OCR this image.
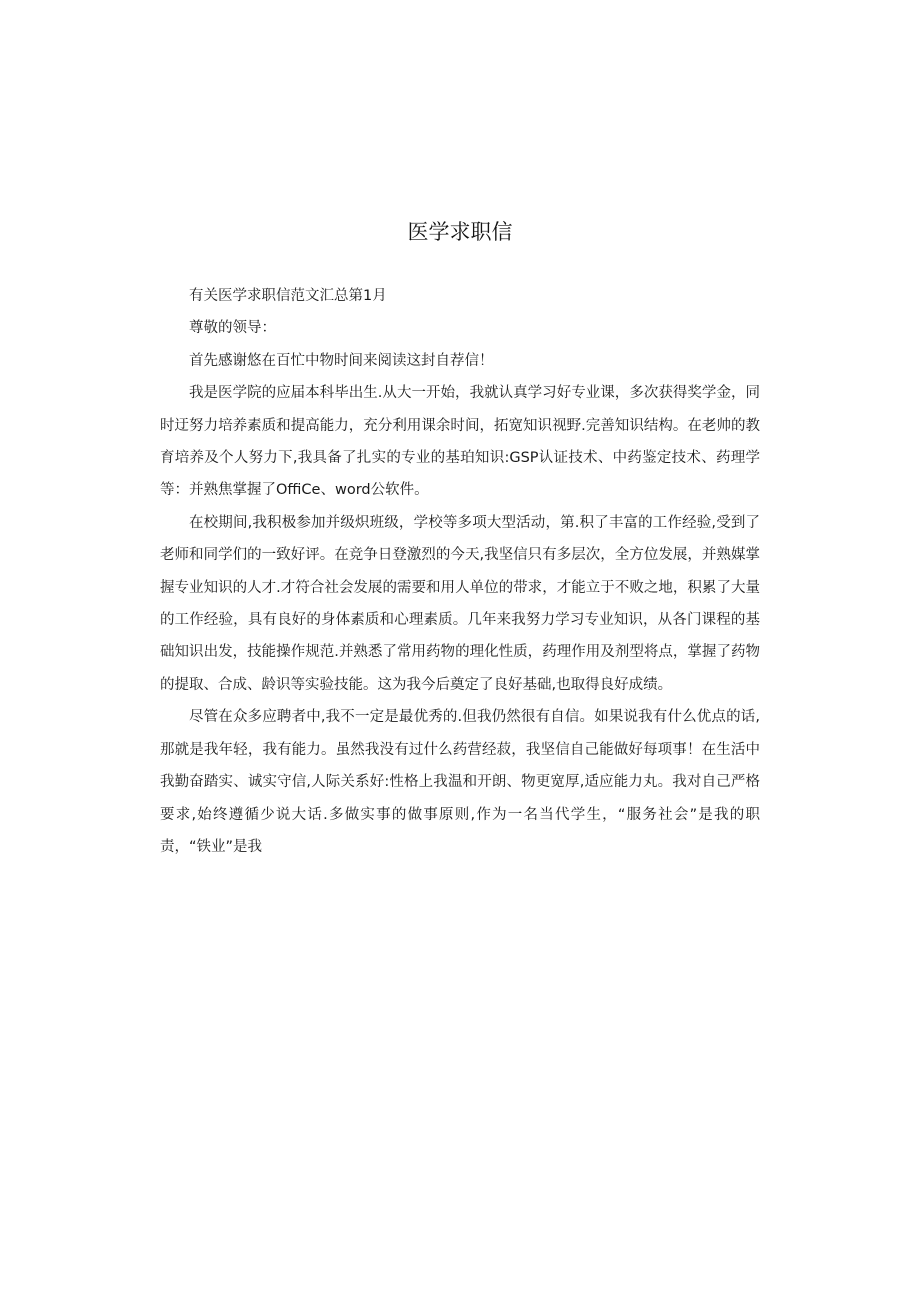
医学求职信

有关医学求职信范文汇总第1月

尊敬的领导：

首先感谢悠在百忙中物时间来阅读这封自荐信！

我是医学院的应届本科毕出生.从大一开始，我就认真学习好专业课，多次获得奖学金，同时迂努力培养素质和提高能力，充分利用课余时间，拓宽知识视野.完善知识结构。在老帅的教育培养及个人努力下,我具备了扎实的专业的基珀知识:GSP认证技术、中药鉴定技术、药理学等：并熟焦掌握了OffiCe、word公软件。

在校期间,我积极参加并级炽班级，学校等多项大型活动，第.积了丰富的工作经验,受到了老师和同学们的一致好评。在竞争日登激烈的今天,我坚信只有多层次，全方位发展，并熟媒掌握专业知识的人才.才符合社会发展的需要和用人单位的带求，才能立于不败之地，积累了大量的工作经验，具有良好的身体素质和心理素质。几年来我努力学习专业知识，从各门课程的基础知识出发，技能操作规范.并熟悉了常用药物的理化性质，药理作用及剂型将点，掌握了药物的提取、合成、龄识等实验技能。这为我今后奠定了良好基础,也取得良好成绩。

尽管在众多应聘者中,我不一定是最优秀的.但我仍然很有自信。如果说我有什么优点的话,那就是我年轻，我有能力。虽然我没有过什么药营经菽，我坚信自己能做好每项事！在生活中我勤奋踏实、诚实守信,人际关系好:性格上我温和开朗、物更宽厚,适应能力丸。我对自己严格要求,始终遵循少说大话.多做实事的做事原则,作为一名当代学生，“服务社会”是我的职责，“铁业”是我
